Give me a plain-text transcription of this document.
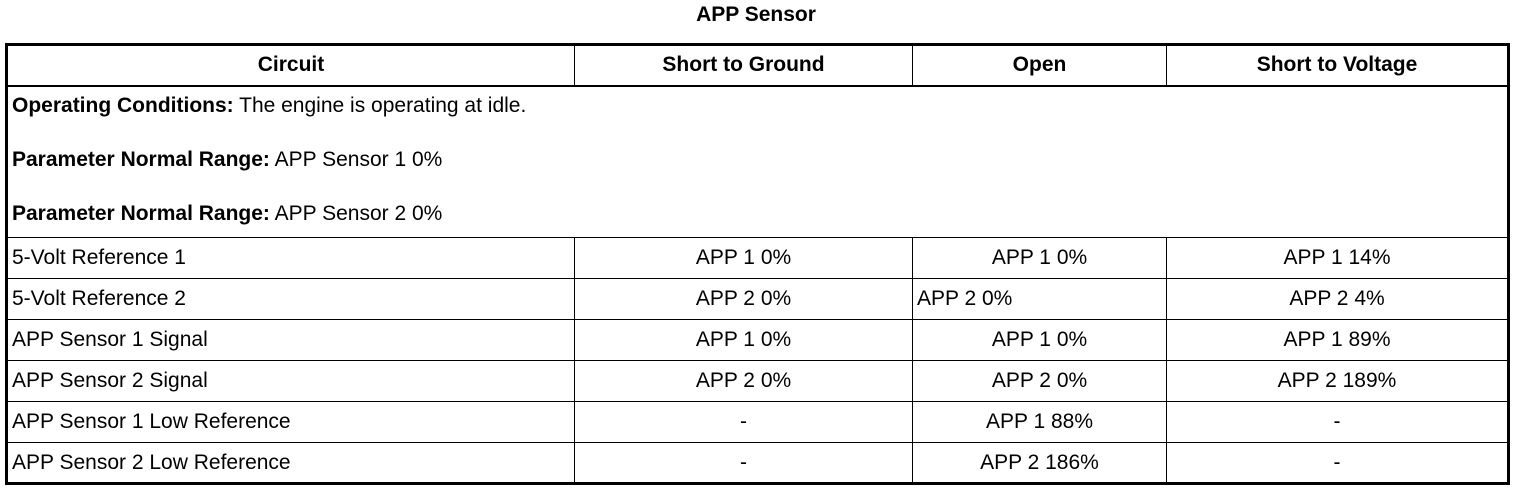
APP Sensor
Circuit	Short to Ground	Open	Short to Voltage

Operating Conditions: The engine is operating at idle.
Parameter Normal Range: APP Sensor 1 0%
Parameter Normal Range: APP Sensor 2 0%			

5-Volt Reference 1	APP 1 0%	APP 1 0%	APP 1 14%
5-Volt Reference 2	APP 2 0%	APP 2 0%	APP 2 4%
APP Sensor 1 Signal	APP 1 0%	APP 1 0%	APP 1 89%
APP Sensor 2 Signal	APP 2 0%	APP 2 0%	APP 2 189%
APP Sensor 1 Low Reference	-	APP 1 88%	-
APP Sensor 2 Low Reference	-	APP 2 186%	-
